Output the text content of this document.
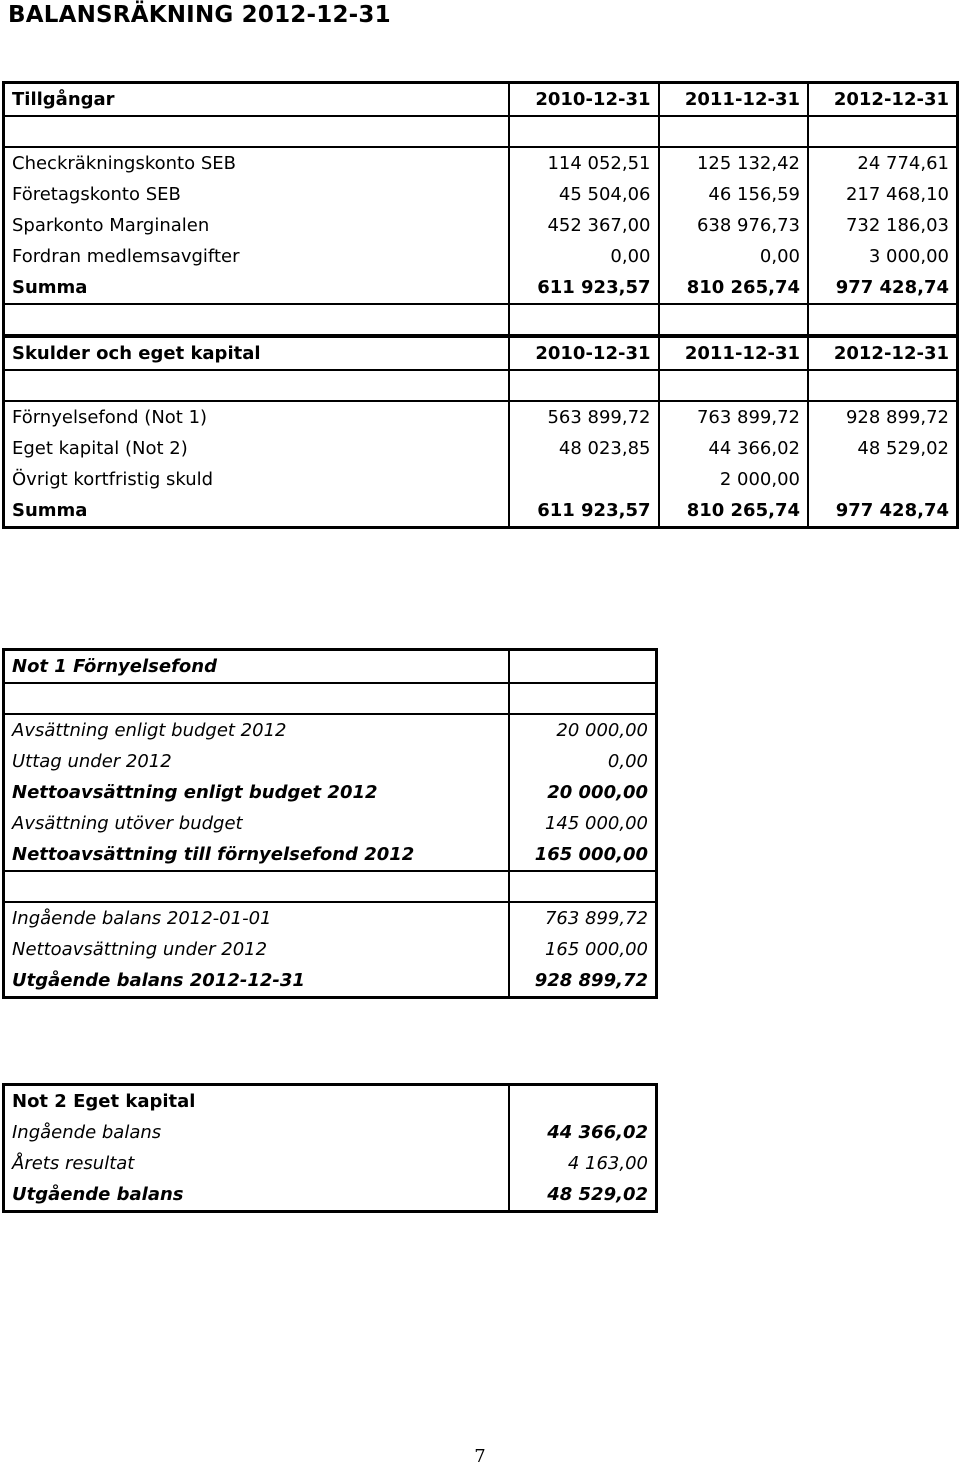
BALANSRÄKNING 2012-12-31
Tillgångar	2010-12-31	2011-12-31	2012-12-31

Checkräkningskonto SEB	114 052,51	125 132,42	24 774,61
Företagskonto SEB	45 504,06	46 156,59	217 468,10
Sparkonto Marginalen	452 367,00	638 976,73	732 186,03
Fordran medlemsavgifter	0,00	0,00	3 000,00
Summa	611 923,57	810 265,74	977 428,74

Skulder och eget kapital	2010-12-31	2011-12-31	2012-12-31

Förnyelsefond (Not 1)	563 899,72	763 899,72	928 899,72
Eget kapital (Not 2)	48 023,85	44 366,02	48 529,02
Övrigt kortfristig skuld		2 000,00	
Summa	611 923,57	810 265,74	977 428,74
Not 1 Förnyelsefond	

Avsättning enligt budget 2012	20 000,00
Uttag under 2012	0,00
Nettoavsättning enligt budget 2012	20 000,00
Avsättning utöver budget	145 000,00
Nettoavsättning till förnyelsefond 2012	165 000,00

Ingående balans 2012-01-01	763 899,72
Nettoavsättning under 2012	165 000,00
Utgående balans 2012-12-31	928 899,72
Not 2 Eget kapital	
Ingående balans	44 366,02
Årets resultat	4 163,00
Utgående balans	48 529,02
7
